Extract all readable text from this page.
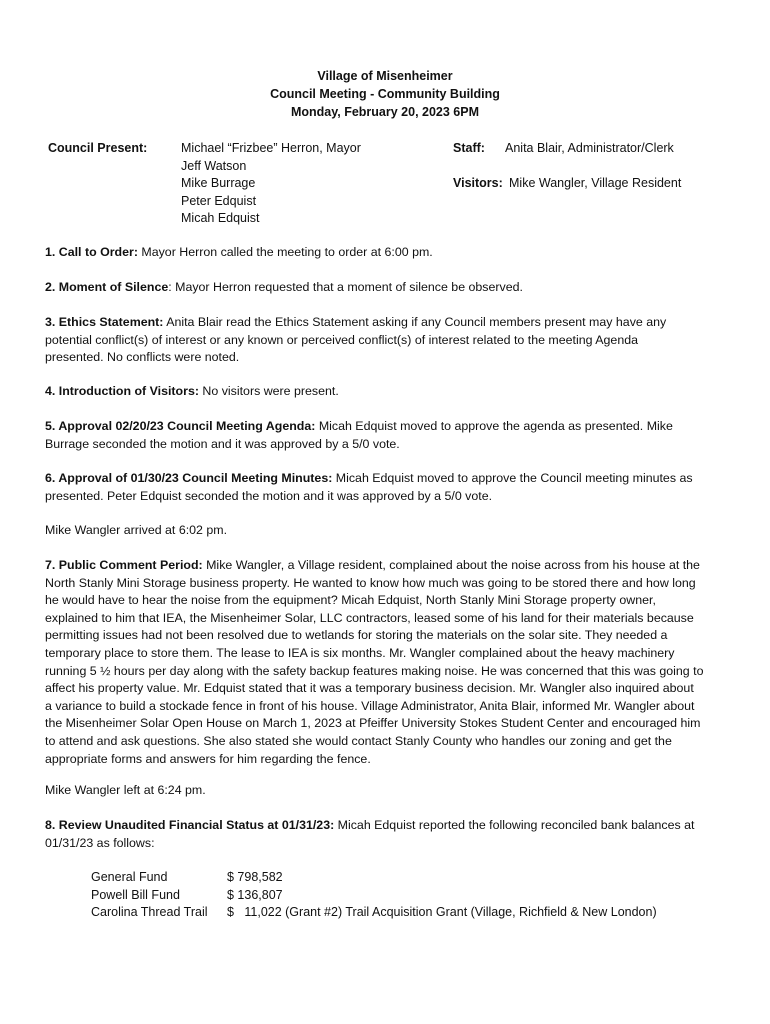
Village of Misenheimer
Council Meeting - Community Building
Monday, February 20, 2023 6PM
Council Present:	Michael “Frizbee” Herron, Mayor
Jeff Watson
Mike Burrage
Peter Edquist
Micah Edquist
Staff: Anita Blair, Administrator/Clerk
Visitors: Mike Wangler, Village Resident
1. Call to Order: Mayor Herron called the meeting to order at 6:00 pm.
2. Moment of Silence: Mayor Herron requested that a moment of silence be observed.
3. Ethics Statement: Anita Blair read the Ethics Statement asking if any Council members present may have any
potential conflict(s) of interest or any known or perceived conflict(s) of interest related to the meeting Agenda
presented. No conflicts were noted.
4. Introduction of Visitors: No visitors were present.
5. Approval 02/20/23 Council Meeting Agenda: Micah Edquist moved to approve the agenda as presented. Mike
Burrage seconded the motion and it was approved by a 5/0 vote.
6. Approval of 01/30/23 Council Meeting Minutes: Micah Edquist moved to approve the Council meeting minutes as
presented. Peter Edquist seconded the motion and it was approved by a 5/0 vote.
Mike Wangler arrived at 6:02 pm.
7. Public Comment Period: Mike Wangler, a Village resident, complained about the noise across from his house at the
North Stanly Mini Storage business property. He wanted to know how much was going to be stored there and how long
he would have to hear the noise from the equipment? Micah Edquist, North Stanly Mini Storage property owner,
explained to him that IEA, the Misenheimer Solar, LLC contractors, leased some of his land for their materials because
permitting issues had not been resolved due to wetlands for storing the materials on the solar site. They needed a
temporary place to store them. The lease to IEA is six months. Mr. Wangler complained about the heavy machinery
running 5 ½ hours per day along with the safety backup features making noise. He was concerned that this was going to
affect his property value. Mr. Edquist stated that it was a temporary business decision. Mr. Wangler also inquired about
a variance to build a stockade fence in front of his house. Village Administrator, Anita Blair, informed Mr. Wangler about
the Misenheimer Solar Open House on March 1, 2023 at Pfeiffer University Stokes Student Center and encouraged him
to attend and ask questions. She also stated she would contact Stanly County who handles our zoning and get the
appropriate forms and answers for him regarding the fence.
Mike Wangler left at 6:24 pm.
8. Review Unaudited Financial Status at 01/31/23: Micah Edquist reported the following reconciled bank balances at
01/31/23 as follows:
General Fund	$ 798,582
Powell Bill Fund	$ 136,807
Carolina Thread Trail	$   11,022 (Grant #2) Trail Acquisition Grant (Village, Richfield & New London)
